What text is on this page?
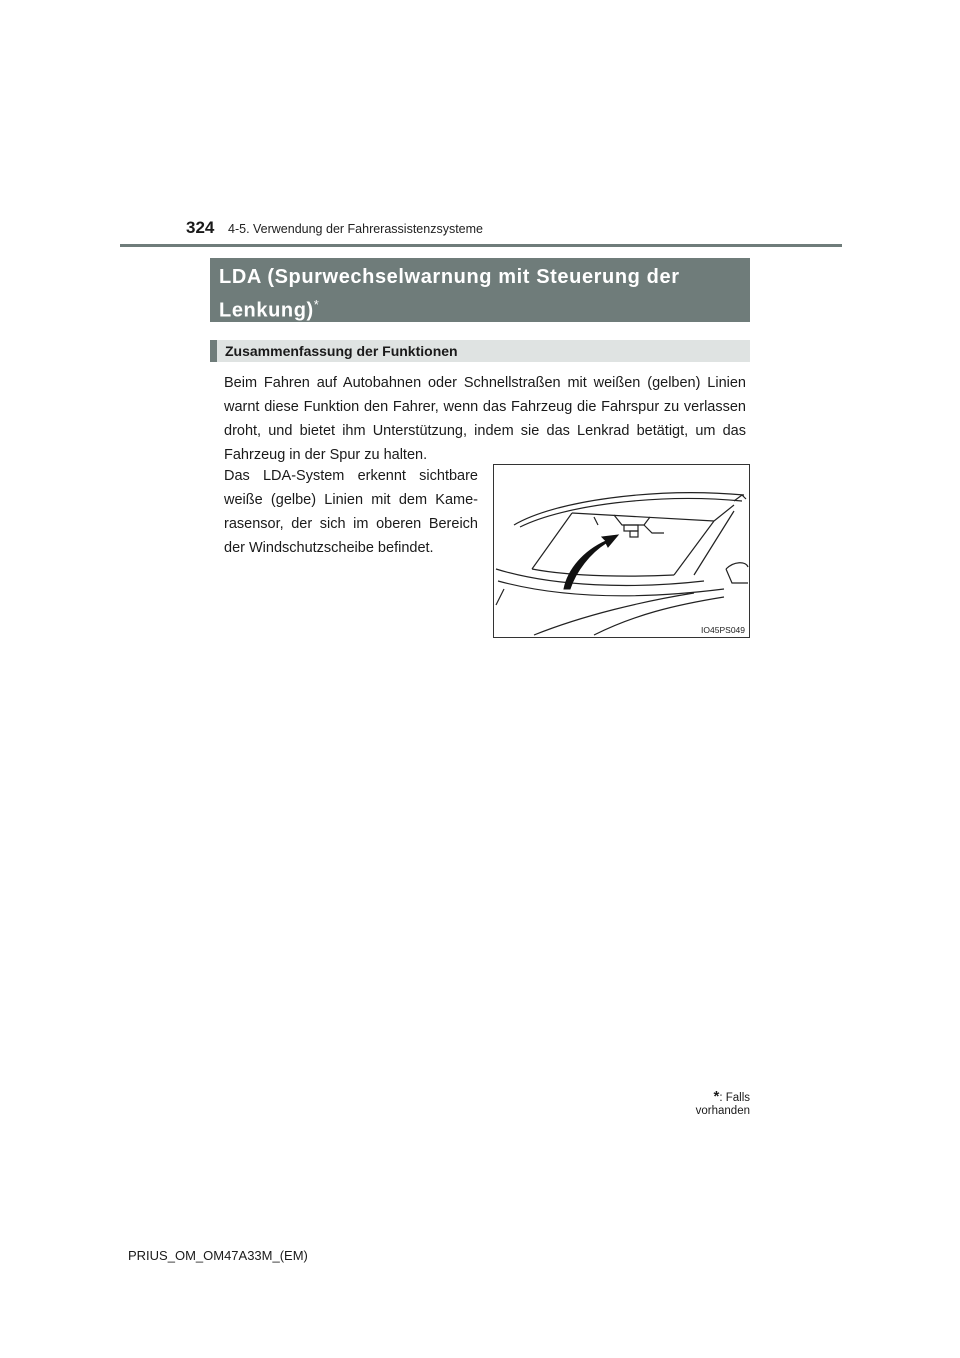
324 4-5. Verwendung der Fahrerassistenzsysteme
LDA (Spurwechselwarnung mit Steuerung der Lenkung)*
Zusammenfassung der Funktionen

Beim Fahren auf Autobahnen oder Schnellstraßen mit weißen (gelben) Linien warnt diese Funktion den Fahrer, wenn das Fahrzeug die Fahrspur zu verlassen droht, und bietet ihm Unterstützung, indem sie das Lenkrad betätigt, um das Fahrzeug in der Spur zu halten.

Das LDA-System erkennt sichtbare weiße (gelbe) Linien mit dem Kamerasensor, der sich im oberen Bereich der Windschutzscheibe befindet.

IO45PS049
*: Falls vorhanden
PRIUS_OM_OM47A33M_(EM)
